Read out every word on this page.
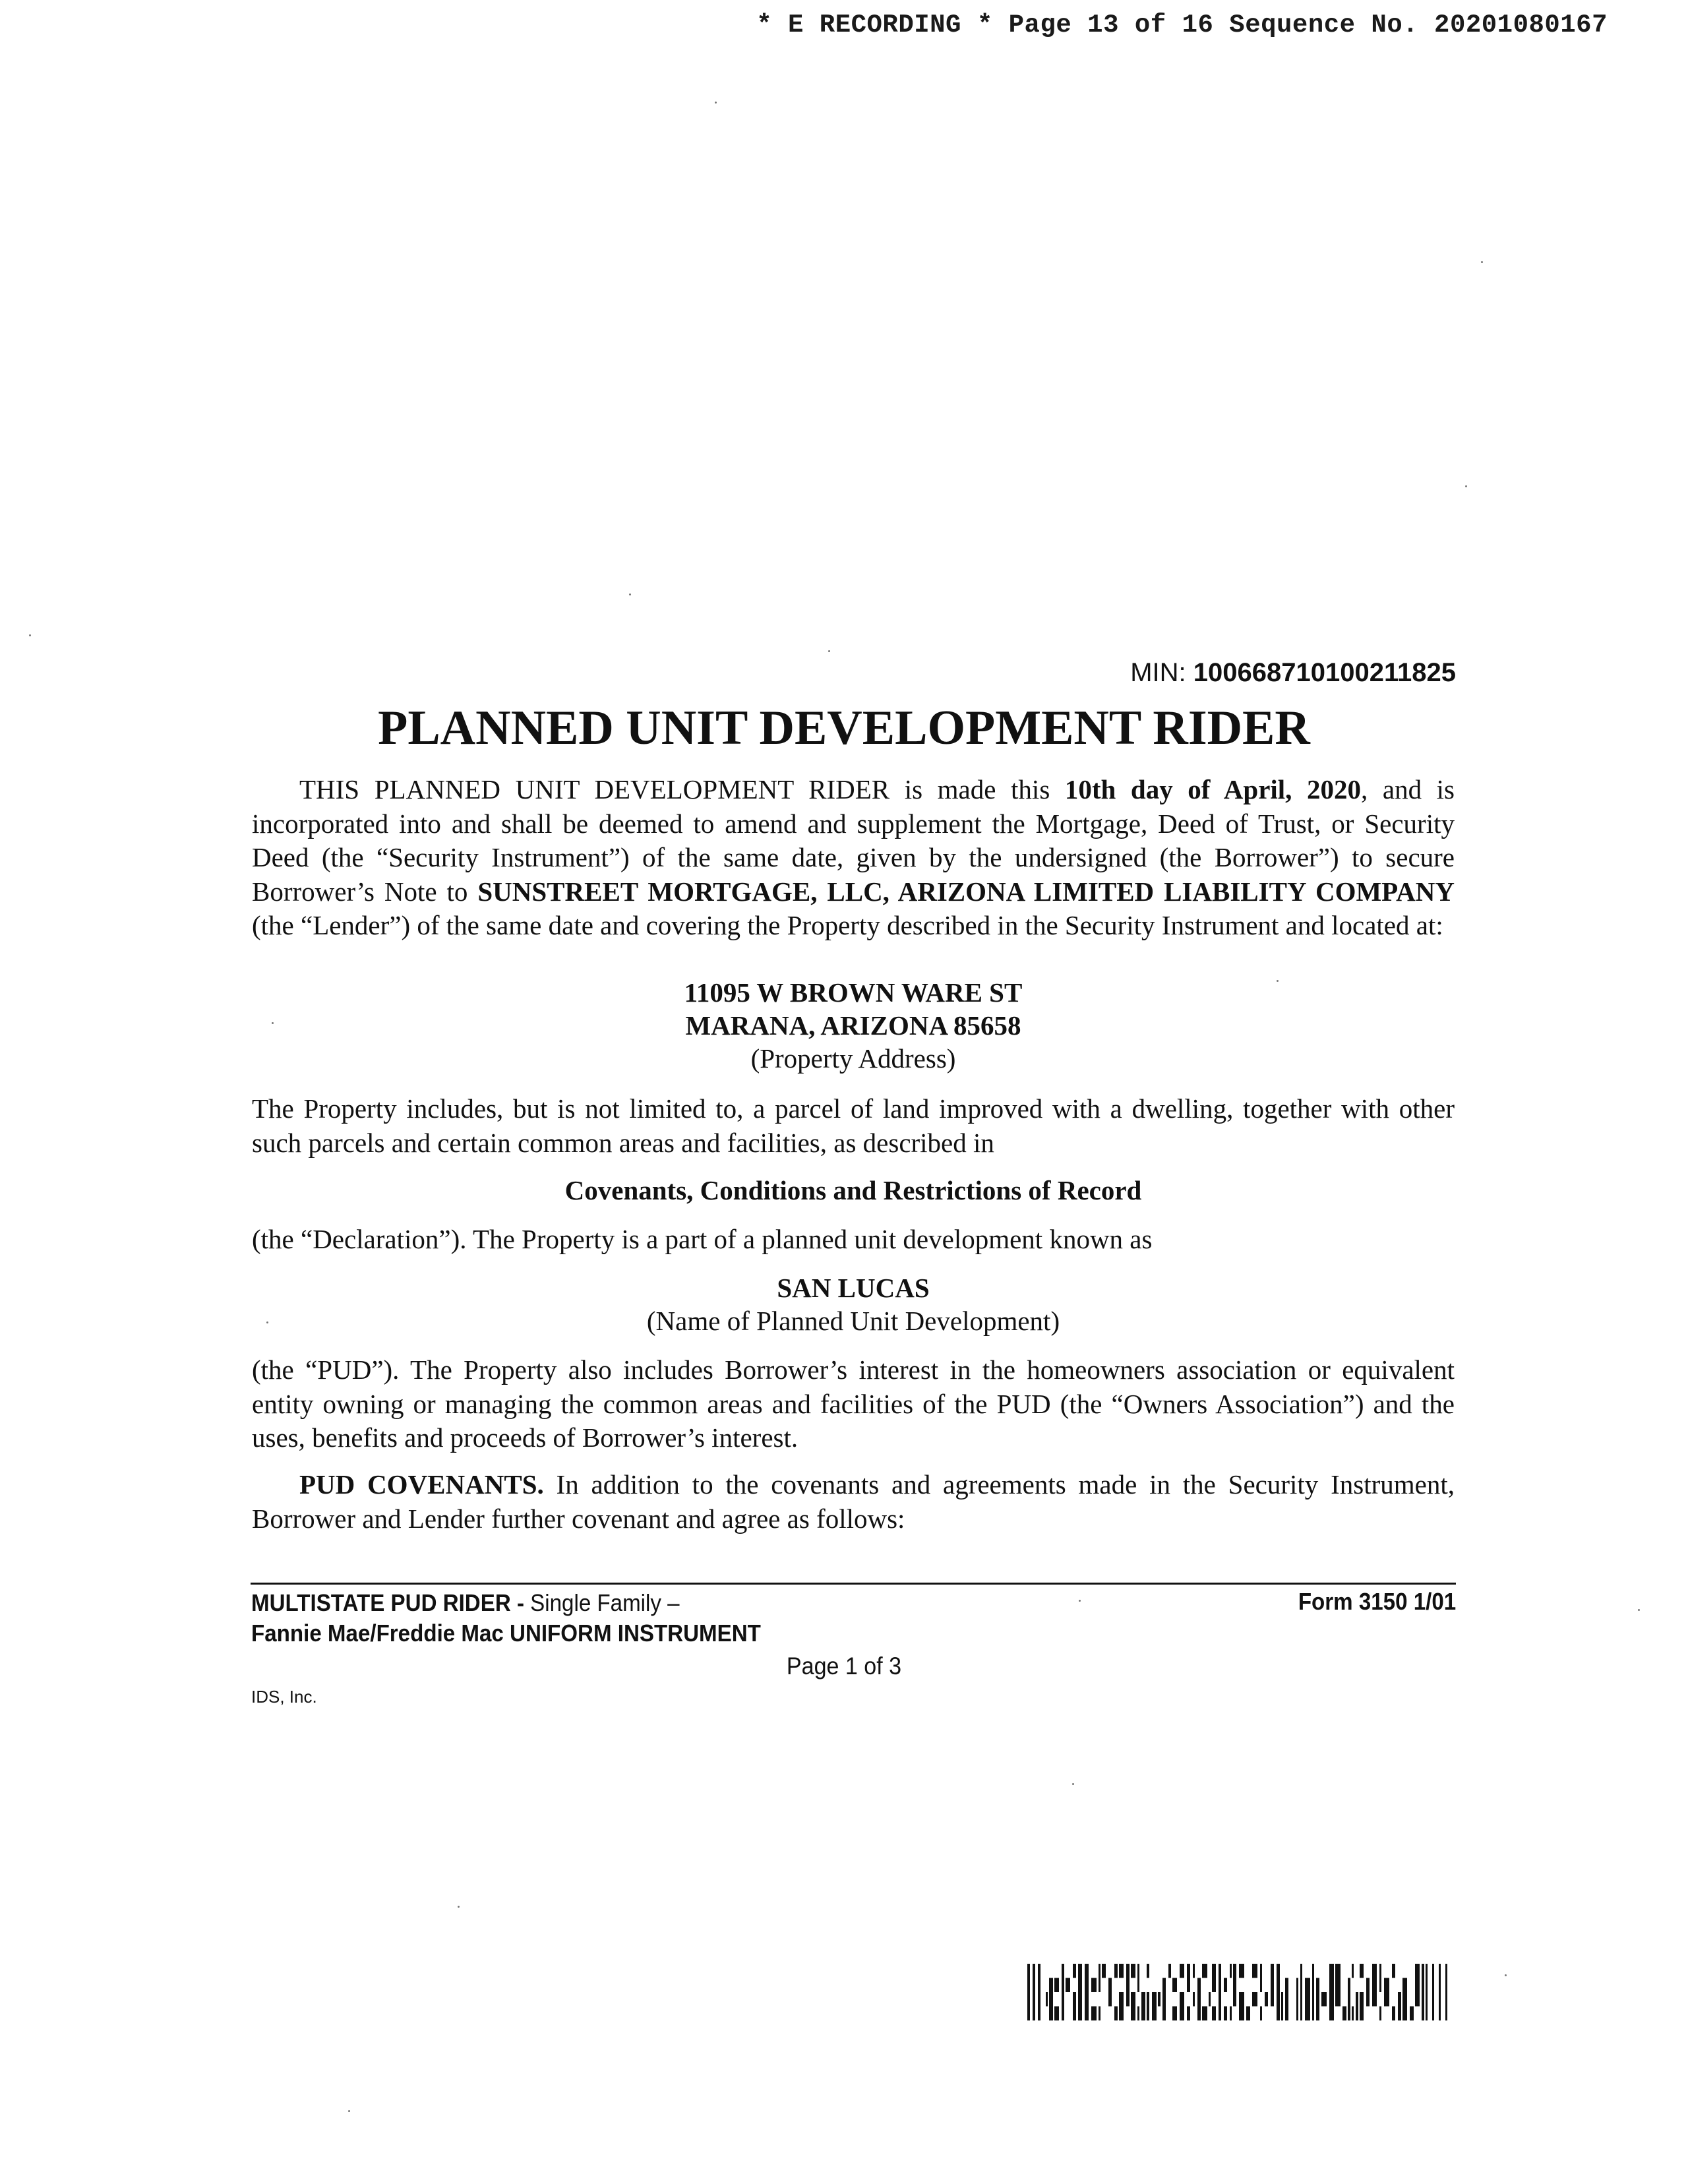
* E RECORDING * Page 13 of 16 Sequence No. 20201080167
MIN: 100668710100211825
PLANNED UNIT DEVELOPMENT RIDER

THIS PLANNED UNIT DEVELOPMENT RIDER is made this 10th day of April, 2020, and is incorporated into and shall be deemed to amend and supplement the Mortgage, Deed of Trust, or Security Deed (the “Security Instrument”) of the same date, given by the undersigned (the Borrower”) to secure Borrower’s Note to SUNSTREET MORTGAGE, LLC, ARIZONA LIMITED LIABILITY COMPANY (the “Lender”) of the same date and covering the Property described in the Security Instrument and located at:

11095 W BROWN WARE ST
MARANA, ARIZONA 85658
(Property Address)

The Property includes, but is not limited to, a parcel of land improved with a dwelling, together with other such parcels and certain common areas and facilities, as described in

Covenants, Conditions and Restrictions of Record

(the “Declaration”). The Property is a part of a planned unit development known as

SAN LUCAS
(Name of Planned Unit Development)

(the “PUD”). The Property also includes Borrower’s interest in the homeowners association or equivalent entity owning or managing the common areas and facilities of the PUD (the “Owners Association”) and the uses, benefits and proceeds of Borrower’s interest.

PUD COVENANTS. In addition to the covenants and agreements made in the Security Instrument, Borrower and Lender further covenant and agree as follows:

MULTISTATE PUD RIDER - Single Family –
Fannie Mae/Freddie Mac UNIFORM INSTRUMENT
Form 3150 1/01
Page 1 of 3
IDS, Inc.
